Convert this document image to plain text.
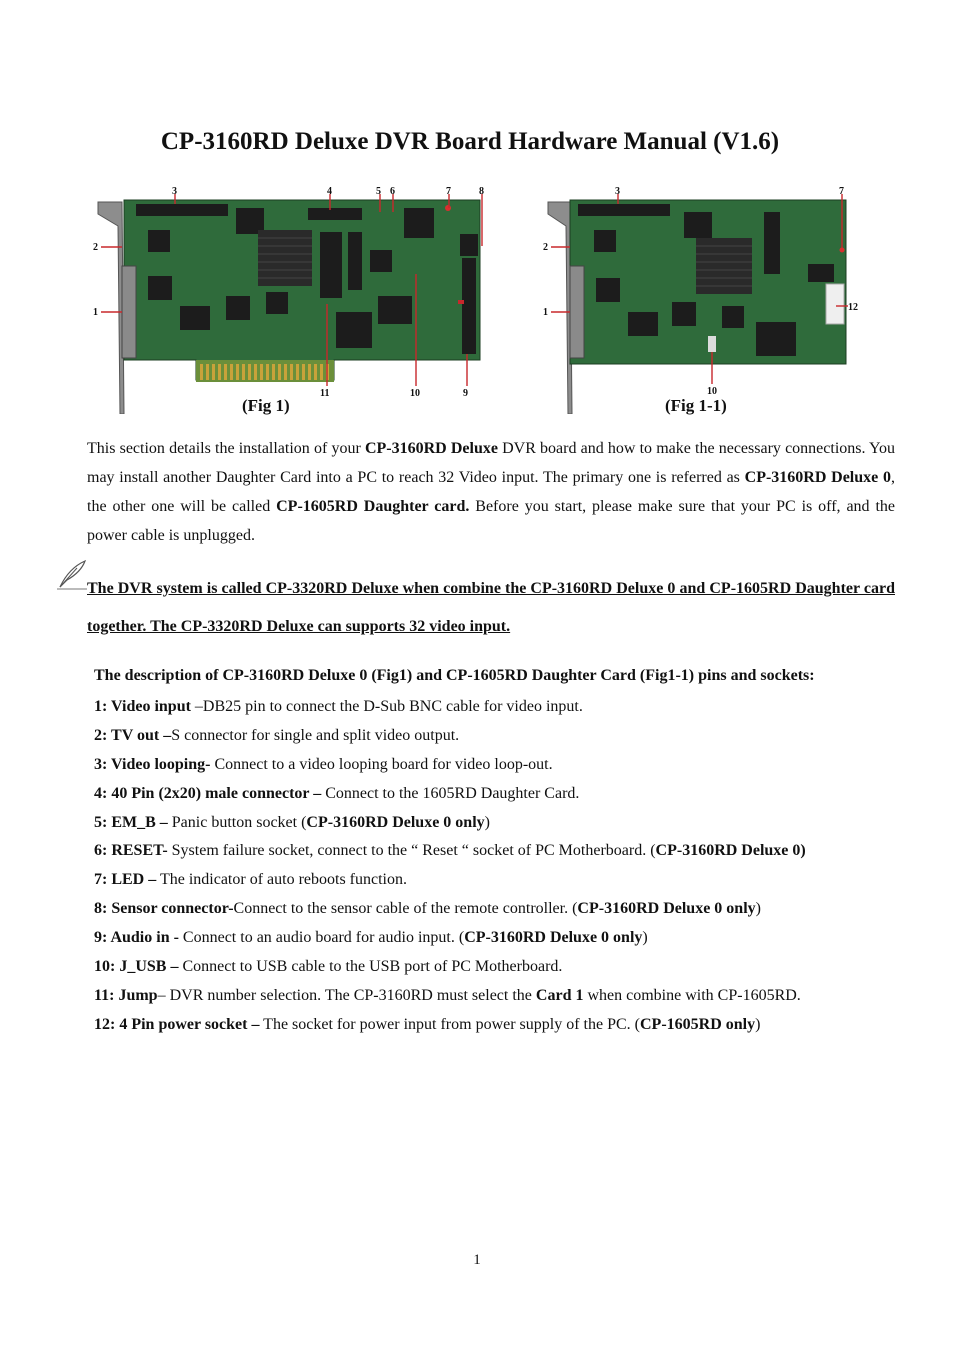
CP-3160RD Deluxe DVR Board Hardware Manual (V1.6)
3	4	5 6	7	8
2
1
11	10	9
(Fig 1)
3	7
2
1
10
12
(Fig 1-1)

This section details the installation of your CP-3160RD Deluxe DVR board and how to make the necessary connections. You may install another Daughter Card into a PC to reach 32 Video input. The primary one is referred as CP-3160RD Deluxe 0, the other one will be called CP-1605RD Daughter card. Before you start, please make sure that your PC is off, and the power cable is unplugged.

The DVR system is called CP-3320RD Deluxe when combine the CP-3160RD Deluxe 0 and CP-1605RD Daughter card together. The CP-3320RD Deluxe can supports 32 video input.

The description of CP-3160RD Deluxe 0 (Fig1) and CP-1605RD Daughter Card (Fig1-1) pins and sockets:

1: Video input –DB25 pin to connect the D-Sub BNC cable for video input.
2: TV out –S connector for single and split video output.
3: Video looping- Connect to a video looping board for video loop-out.
4: 40 Pin (2x20) male connector – Connect to the 1605RD Daughter Card.
5: EM_B – Panic button socket (CP-3160RD Deluxe 0 only)
6: RESET- System failure socket, connect to the “ Reset “ socket of PC Motherboard. (CP-3160RD Deluxe 0)
7: LED – The indicator of auto reboots function.
8: Sensor connector-Connect to the sensor cable of the remote controller. (CP-3160RD Deluxe 0 only)
9: Audio in - Connect to an audio board for audio input. (CP-3160RD Deluxe 0 only)
10: J_USB – Connect to USB cable to the USB port of PC Motherboard.
11: Jump– DVR number selection. The CP-3160RD must select the Card 1 when combine with CP-1605RD.
12: 4 Pin power socket – The socket for power input from power supply of the PC. (CP-1605RD only)
1
